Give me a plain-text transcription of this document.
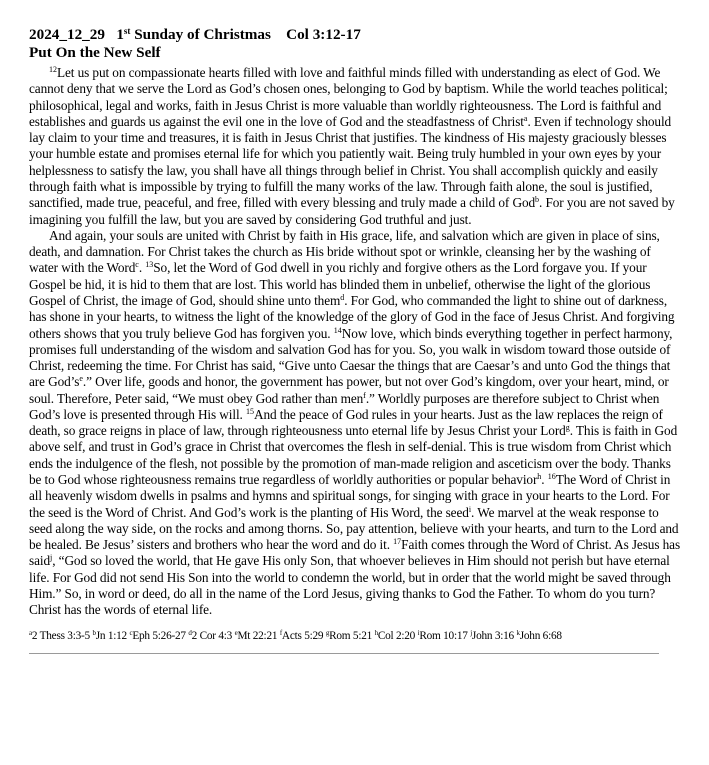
2024_12_29 1st Sunday of Christmas Col 3:12-17
Put On the New Self

$^{12}$Let us put on compassionate hearts filled with love and faithful minds filled with understanding as elect of God. We cannot deny that we serve the Lord as God’s chosen ones, belonging to God by baptism. While the world teaches political; philosophical, legal and works, faith in Jesus Christ is more valuable than worldly righteousness. The Lord is faithful and establishes and guards us against the evil one in the love of God and the steadfastness of Christ$^a$. Even if technology should lay claim to your time and treasures, it is faith in Jesus Christ that justifies. The kindness of His majesty graciously blesses your humble estate and promises eternal life for which you patiently wait. Being truly humbled in your own eyes by your helplessness to satisfy the law, you shall have all things through belief in Christ. You shall accomplish quickly and easily through faith what is impossible by trying to fulfill the many works of the law. Through faith alone, the soul is justified, sanctified, made true, peaceful, and free, filled with every blessing and truly made a child of God$^b$. For you are not saved by imagining you fulfill the law, but you are saved by considering God truthful and just.

And again, your souls are united with Christ by faith in His grace, life, and salvation which are given in place of sins, death, and damnation. For Christ takes the church as His bride without spot or wrinkle, cleansing her by the washing of water with the Word$^c$. $^{13}$So, let the Word of God dwell in you richly and forgive others as the Lord forgave you. If your Gospel be hid, it is hid to them that are lost. This world has blinded them in unbelief, otherwise the light of the glorious Gospel of Christ, the image of God, should shine unto them$^d$. For God, who commanded the light to shine out of darkness, has shone in your hearts, to witness the light of the knowledge of the glory of God in the face of Jesus Christ. And forgiving others shows that you truly believe God has forgiven you. $^{14}$Now love, which binds everything together in perfect harmony, promises full understanding of the wisdom and salvation God has for you. So, you walk in wisdom toward those outside of Christ, redeeming the time. For Christ has said, “Give unto Caesar the things that are Caesar’s and unto God the things that are $God’s^e$.” Over life, goods and honor, the government has power, but not over God’s kingdom, over your heart, mind, or soul. Therefore, Peter said, “We must obey God rather than men$^f$.” Worldly purposes are therefore subject to Christ when God’s love is presented through His will. $^{15}$And the peace of God rules in your hearts. Just as the law replaces the reign of death, so grace reigns in place of law, through righteousness unto eternal life by Jesus Christ your Lord$^g$. This is faith in God above self, and trust in God’s grace in Christ that overcomes the flesh in self-denial. This is true wisdom from Christ which ends the indulgence of the flesh, not possible by the promotion of man-made religion and asceticism over the body. Thanks be to God whose righteousness remains true regardless of worldly authorities or popular behavior$^h$. $^{16}$The Word of Christ in all heavenly wisdom dwells in psalms and hymns and spiritual songs, for singing with grace in your hearts to the Lord. For the seed is the Word of Christ. And God’s work is the planting of His Word, the seed$^i$. We marvel at the weak response to seed along the way side, on the rocks and among thorns. So, pay attention, believe with your hearts, and turn to the Lord and be healed. Be Jesus’ sisters and brothers who hear the word and do it. $^{17}$Faith comes through the Word of Christ. As Jesus has said$^j$, “God so loved the world, that He gave His only Son, that whoever believes in Him should not perish but have eternal life. For God did not send His Son into the world to condemn the world, but in order that the world might be saved through Him.” So, in word or deed, do all in the name of the Lord Jesus, giving thanks to God the Father. To whom do you turn? Christ has the words of eternal life.

$^a$2 Thess 3:3-5 $^b$Jn 1:12 $^c$Eph 5:26-27 $^d$2 Cor 4:3 $^e$Mt 22:21 $^f$Acts 5:29 $^g$Rom 5:21 $^h$Col 2:20 $^i$Rom 10:17 $^j$John 3:16 $^k$John 6:68
